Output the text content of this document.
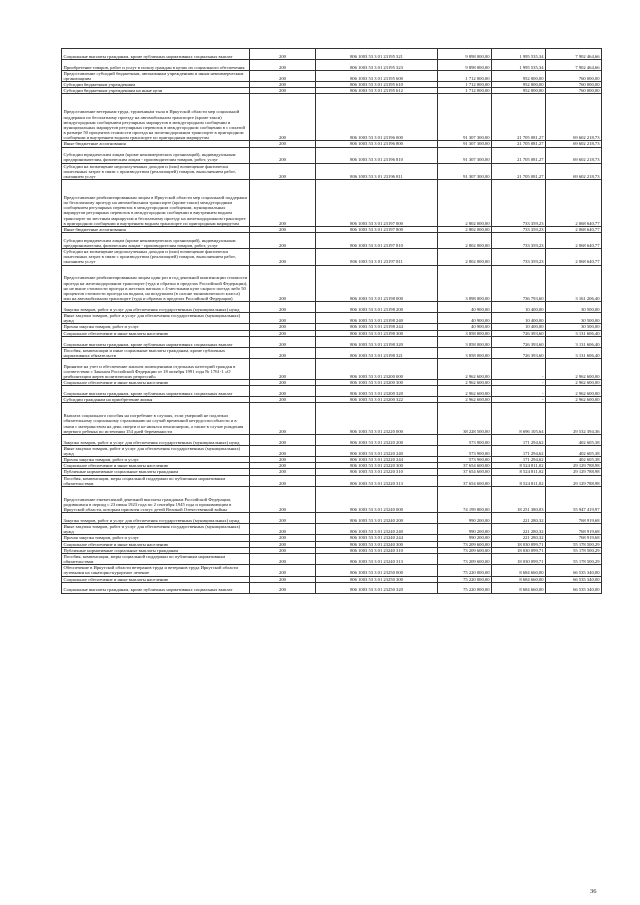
Социальные выплаты гражданам, кроме публичных нормативных социальных выплат	200	806 1003 53 3 01 23195 321	9 898 000,00	1 995 535,34	7 902 464,66
Приобретение товаров, работ и услуг в пользу граждан в целях их социального обеспечения	200	806 1003 53 3 01 23195 323	9 898 000,00	1 995 535,34	7 902 464,66
Предоставление субсидий бюджетным, автономным учреждениям и иным некоммерческим организациям	200	806 1003 53 3 01 23195 600	1 712 000,00	952 000,00	760 000,00
Субсидии бюджетным учреждениям	200	806 1003 53 3 01 23195 610	1 712 000,00	952 000,00	760 000,00
Субсидии бюджетным учреждениям на иные цели	200	806 1003 53 3 01 23195 612	1 712 000,00	952 000,00	760 000,00
Предоставление ветеранам труда, труженикам тыла в Иркутской области мер социальной поддержки по бесплатному проезду на автомобильном транспорте (кроме такси) междугородным сообщением регулярных маршрутов в междугородном сообщении и муниципальных маршрутов регулярных перевозок в междугородном сообщении в с оплатой в размере 50 процентов стоимости проезда на железнодорожном транспорте в пригородном сообщении и внутреннем водном транспорте по пригородным маршрутам	200	806 1003 53 3 01 23196 000	91 307 300,00	21 705 081,27	69 602 218,73
Иные бюджетные ассигнования	200	806 1003 53 3 01 23196 800	91 307 300,00	21 705 081,27	69 602 218,73
Субсидии юридическим лицам (кроме некоммерческих организаций), индивидуальным предпринимателям, физическим лицам - производителям товаров, работ, услуг	200	806 1003 53 3 01 23196 810	91 307 300,00	21 705 081,27	69 602 218,73
Субсидии на возмещение недополученных доходов и (или) возмещение фактически понесенных затрат в связи с производством (реализацией) товаров, выполнением работ, оказанием услуг	200	806 1003 53 3 01 23196 811	91 307 300,00	21 705 081,27	69 602 218,73
Предоставление реабилитированным лицам в Иркутской области мер социальной поддержки по бесплатному проезду на автомобильном транспорте (кроме такси) междугородным сообщением регулярных перевозок в междугородном сообщении, муниципальных маршрутов регулярных перевозок в междугородном сообщении и внутреннем водном транспорте по местным маршрутам и бесплатному проезду на железнодорожном транспорте в пригородном сообщении и внутреннем водном транспорте по пригородным маршрутам	200	806 1003 53 3 01 23197 000	2 802 000,00	733 359,23	2 068 640,77
Иные бюджетные ассигнования	200	806 1003 53 3 01 23197 800	2 802 000,00	733 359,23	2 068 640,77
Субсидии юридическим лицам (кроме некоммерческих организаций), индивидуальным предпринимателям, физическим лицам - производителям товаров, работ, услуг	200	806 1003 53 3 01 23197 810	2 802 000,00	733 359,23	2 068 640,77
Субсидии на возмещение недополученных доходов и (или) возмещение фактически понесенных затрат в связи с производством (реализацией) товаров, выполнением работ, оказанием услуг	200	806 1003 53 3 01 23197 811	2 802 000,00	733 359,23	2 068 640,77
Предоставление реабилитированным лицам один раз в год денежной компенсации стоимости проезда на железнодорожном транспорте (туда и обратно в пределах Российской Федерации), но не выше стоимости проезда в жестких вагонах с 4-местными купе скорого поезда либо 50 процентов стоимости проезда на водном, на воздушном (в салоне экономического класса) или на автомобильном транспорте (туда и обратно в пределах Российской Федерации)	200	806 1003 53 3 01 23198 000	3 898 000,00	736 793,60	3 161 206,40
Закупка товаров, работ и услуг для обеспечения государственных (муниципальных) нужд	200	806 1003 53 3 01 23198 200	40 900,00	10 400,00	30 500,00
Иные закупки товаров, работ и услуг для обеспечения государственных (муниципальных) нужд	200	806 1003 53 3 01 23198 240	40 900,00	10 400,00	30 500,00
Прочая закупка товаров, работ и услуг	200	806 1003 53 3 01 23198 244	40 900,00	10 400,00	30 500,00
Социальное обеспечение и иные выплаты населению	200	806 1003 53 3 01 23198 300	3 858 000,00	726 393,60	3 131 606,40
Социальные выплаты гражданам, кроме публичных нормативных социальных выплат	200	806 1003 53 3 01 23198 320	3 858 000,00	726 393,60	3 131 606,40
Пособия, компенсации и иные социальные выплаты гражданам, кроме публичных нормативных обязательств	200	806 1003 53 3 01 23198 321	3 858 000,00	726 393,60	3 131 606,40
Принятие на учет и обеспечение жильем помещениями отдельных категорий граждан в соответствии с Законом Российской Федерации от 18 октября 1991 года № 1761-1 «О реабилитации жертв политических репрессий»	200	806 1003 53 3 01 23200 000	2 962 600,00	-	2 962 600,00
Социальное обеспечение и иные выплаты населению	200	806 1003 53 3 01 23200 300	2 962 600,00	-	2 962 600,00
Социальные выплаты гражданам, кроме публичных нормативных социальных выплат	200	806 1003 53 3 01 23200 320	2 962 600,00	-	2 962 600,00
Субсидии гражданам на приобретение жилья	200	806 1003 53 3 01 23200 322	2 962 600,00	-	2 962 600,00
Выплата социального пособия на погребение в случаях, если умерший не подлежал обязательному социальному страхованию на случай временной нетрудоспособности и в связи с материнством на день смерти и не являлся пенсионером, а также в случае рождения мертвого ребенка по истечении 154 дней беременности	200	806 1003 53 3 01 23220 000	38 228 500,00	8 696 105,64	29 532 394,36
Закупка товаров, работ и услуг для обеспечения государственных (муниципальных) нужд	200	806 1003 53 3 01 23220 200	573 900,00	171 294,62	402 605,38
Иные закупки товаров, работ и услуг для обеспечения государственных (муниципальных) нужд	200	806 1003 53 3 01 23220 240	573 900,00	171 294,62	402 605,38
Прочая закупка товаров, работ и услуг	200	806 1003 53 3 01 23220 244	573 900,00	171 294,62	402 605,38
Социальное обеспечение и иные выплаты населению	200	806 1003 53 3 01 23220 300	37 654 600,00	8 524 811,02	29 129 788,98
Публичные нормативные социальные выплаты гражданам	200	806 1003 53 3 01 23220 310	37 654 600,00	8 524 811,02	29 129 788,98
Пособия, компенсации, меры социальной поддержки по публичным нормативным обязательствам	200	806 1003 53 3 01 23220 313	37 654 600,00	8 524 811,02	29 129 788,98
Предоставление ежемесячной денежной выплаты гражданам Российской Федерации, родившимся в период с 23 июня 1923 года по 2 сентября 1945 года и проживающим в Иркутской области, которым присвоен статус детей Великой Отечественной войны	200	806 1003 53 3 01 23240 000	74 199 800,00	18 251 380,03	55 947 419,97
Закупка товаров, работ и услуг для обеспечения государственных (муниципальных) нужд	200	806 1003 53 3 01 23240 200	990 200,00	221 280,32	768 919,68
Иные закупки товаров, работ и услуг для обеспечения государственных (муниципальных) нужд	200	806 1003 53 3 01 23240 240	990 200,00	221 280,32	768 919,68
Прочая закупка товаров, работ и услуг	200	806 1003 53 3 01 23240 244	990 200,00	221 280,32	768 919,68
Социальное обеспечение и иные выплаты населению	200	806 1003 53 3 01 23240 300	73 209 600,00	18 030 099,71	55 178 500,29
Публичные нормативные социальные выплаты гражданам	200	806 1003 53 3 01 23240 310	73 209 600,00	18 030 099,71	55 178 500,29
Пособия, компенсации, меры социальной поддержки по публичным нормативным обязательствам	200	806 1003 53 3 01 23240 313	73 209 600,00	18 030 099,71	55 178 500,29
Обеспечение в Иркутской области ветеранов труда и ветеранов труда Иркутской области путевками на санаторно-курортное лечение	200	806 1003 53 3 01 23250 000	75 220 000,00	8 684 660,00	66 535 340,00
Социальное обеспечение и иные выплаты населению	200	806 1003 53 3 01 23250 300	75 220 000,00	8 684 660,00	66 535 340,00
Социальные выплаты гражданам, кроме публичных нормативных социальных выплат	200	806 1003 53 3 01 23250 320	75 220 000,00	8 684 660,00	66 535 340,00
36
